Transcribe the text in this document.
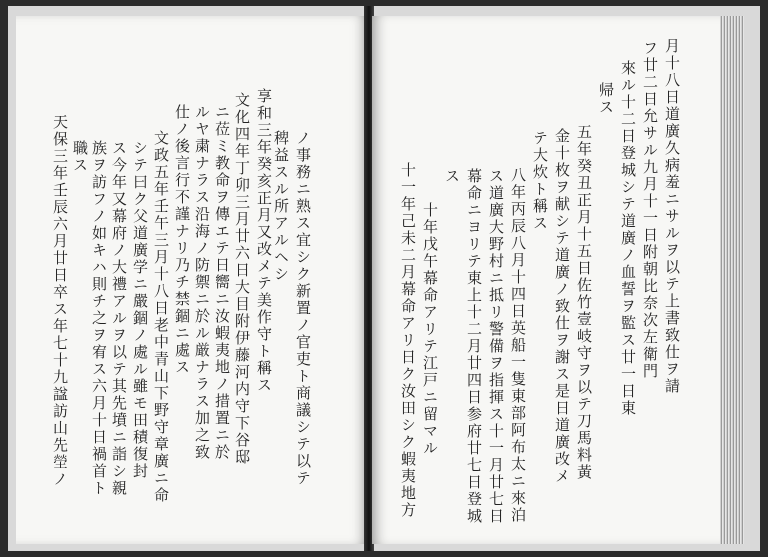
ノ事務ニ熟ス宜シク新置ノ官吏ト商議シテ以テ
稗益スル所アルヘシ
享和三年癸亥正月又改メテ美作守ト稱ス
文化四年丁卯三月廿六日大目附伊藤河内守下谷邸
ニ莅ミ教命ヲ傳エテ日嚮ニ汝蝦夷地ノ措置ニ於
ルヤ粛ナラス沿海ノ防禦ニ於ル厳ナラス加之致
仕ノ後言行不謹ナリ乃チ禁錮ニ處ス
文政五年壬午三月十八日老中青山下野守章廣ニ命
シテ曰ク父道廣学ニ嚴錮ノ處ル雖モ田積復封
ス今年又幕府ノ大禮アルヲ以テ其先墳ニ詣シ親
族ヲ訪フノ如キハ則チ之ヲ宥ス六月十日禍首ト
職ス
天保三年壬辰六月廿日卒ス年七十九諡訪山先塋ノ	月十八日道廣久病羞ニサルヲ以テ上書致仕ヲ請
フ廿二日允サル九月十一日附朝比奈次左衛門
來ル十二日登城シテ道廣ノ血誓ヲ監ス廿一日東
帰ス
五年癸丑正月十五日佐竹壹岐守ヲ以テ刀馬料黃
金十枚ヲ献シテ道廣ノ致仕ヲ謝ス是日道廣改メ
テ大炊ト稱ス
八年丙辰八月十四日英船一隻東部阿布太ニ來泊
ス道廣大野村ニ抵リ警備ヲ指揮ス十一月廿七日
幕命ニヨリテ東上十二月廿四日参府廿七日登城
ス
十年戊午幕命アリテ江戸ニ留マル
十一年己未二月幕命アリ日ク汝田シク蝦夷地方
